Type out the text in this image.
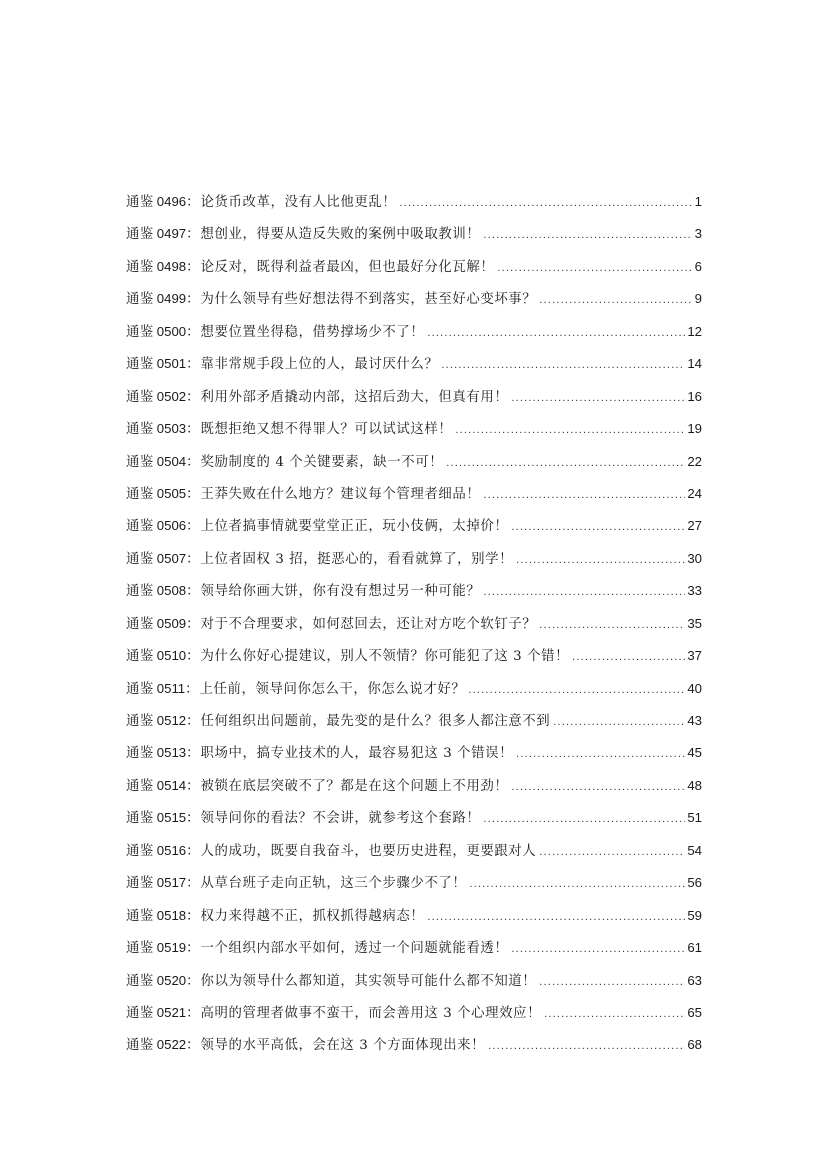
通鉴 0496：论货币改革，没有人比他更乱！ .....	1
通鉴 0497：想创业，得要从造反失败的案例中吸取教训！ .....	3
通鉴 0498：论反对，既得利益者最凶，但也最好分化瓦解！ .....	6
通鉴 0499：为什么领导有些好想法得不到落实，甚至好心变坏事？ .....	9
通鉴 0500：想要位置坐得稳，借势撑场少不了！ .....	12
通鉴 0501：靠非常规手段上位的人，最讨厌什么？ .....	14
通鉴 0502：利用外部矛盾撬动内部，这招后劲大，但真有用！ .....	16
通鉴 0503：既想拒绝又想不得罪人？可以试试这样！ .....	19
通鉴 0504：奖励制度的 4 个关键要素，缺一不可！ .....	22
通鉴 0505：王莽失败在什么地方？建议每个管理者细品！ .....	24
通鉴 0506：上位者搞事情就要堂堂正正，玩小伎俩，太掉价！ .....	27
通鉴 0507：上位者固权 3 招，挺恶心的，看看就算了，别学！ .....	30
通鉴 0508：领导给你画大饼，你有没有想过另一种可能？ .....	33
通鉴 0509：对于不合理要求，如何怼回去，还让对方吃个软钉子？ .....	35
通鉴 0510：为什么你好心提建议，别人不领情？你可能犯了这 3 个错！ .....	37
通鉴 0511：上任前，领导问你怎么干，你怎么说才好？ .....	40
通鉴 0512：任何组织出问题前，最先变的是什么？很多人都注意不到 .....	43
通鉴 0513：职场中，搞专业技术的人，最容易犯这 3 个错误！ .....	45
通鉴 0514：被锁在底层突破不了？都是在这个问题上不用劲！ .....	48
通鉴 0515：领导问你的看法？不会讲，就参考这个套路！ .....	51
通鉴 0516：人的成功，既要自我奋斗，也要历史进程，更要跟对人 .....	54
通鉴 0517：从草台班子走向正轨，这三个步骤少不了！ .....	56
通鉴 0518：权力来得越不正，抓权抓得越病态！ .....	59
通鉴 0519：一个组织内部水平如何，透过一个问题就能看透！ .....	61
通鉴 0520：你以为领导什么都知道，其实领导可能什么都不知道！ .....	63
通鉴 0521：高明的管理者做事不蛮干，而会善用这 3 个心理效应！ .....	65
通鉴 0522：领导的水平高低，会在这 3 个方面体现出来！ .....	68
